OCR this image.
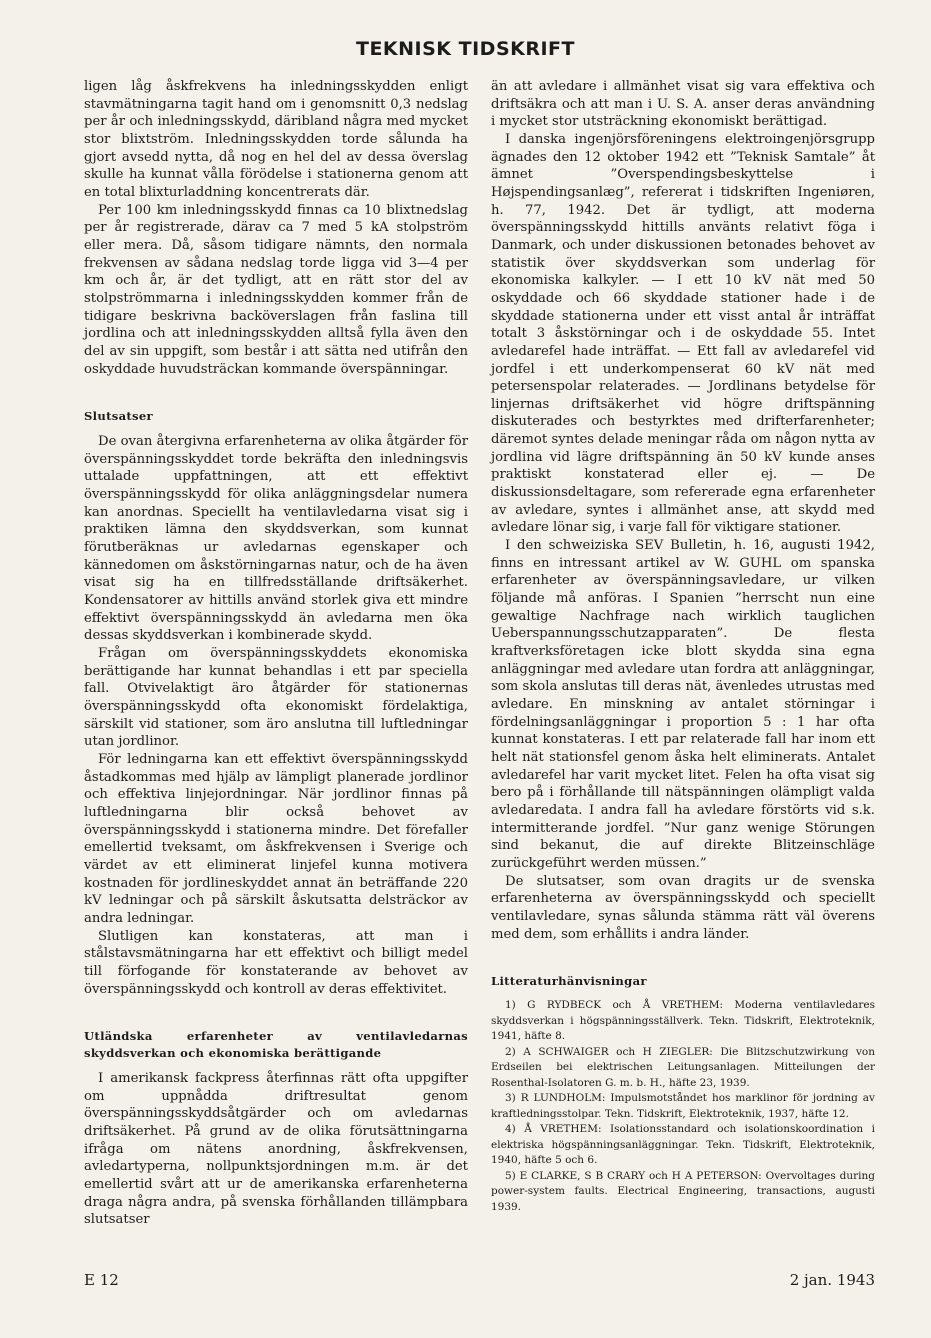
TEKNISK TIDSKRIFT

ligen låg åskfrekvens ha inledningsskydden enligt stavmätningarna tagit hand om i genomsnitt 0,3 nedslag per år och inledningsskydd, däribland några med mycket stor blixtström. Inledningsskydden torde sålunda ha gjort avsedd nytta, då nog en hel del av dessa överslag skulle ha kunnat vålla förödelse i stationerna genom att en total blixturladdning koncentrerats där.

Per 100 km inledningsskydd finnas ca 10 blixtnedslag per år registrerade, därav ca 7 med 5 kA stolpström eller mera. Då, såsom tidigare nämnts, den normala frekvensen av sådana nedslag torde ligga vid 3—4 per km och år, är det tydligt, att en rätt stor del av stolpströmmarna i inledningsskydden kommer från de tidigare beskrivna backöverslagen från faslina till jordlina och att inledningsskydden alltså fylla även den del av sin uppgift, som består i att sätta ned utifrån den oskyddade huvudsträckan kommande överspänningar.

Slutsatser

De ovan återgivna erfarenheterna av olika åtgärder för överspänningsskyddet torde bekräfta den inledningsvis uttalade uppfattningen, att ett effektivt överspänningsskydd för olika anläggningsdelar numera kan anordnas. Speciellt ha ventilavledarna visat sig i praktiken lämna den skyddsverkan, som kunnat förutberäknas ur avledarnas egenskaper och kännedomen om åskstörningarnas natur, och de ha även visat sig ha en tillfredsställande driftsäkerhet. Kondensatorer av hittills använd storlek giva ett mindre effektivt överspänningsskydd än avledarna men öka dessas skyddsverkan i kombinerade skydd.

Frågan om överspänningsskyddets ekonomiska berättigande har kunnat behandlas i ett par speciella fall. Otvivelaktigt äro åtgärder för stationernas överspänningsskydd ofta ekonomiskt fördelaktiga, särskilt vid stationer, som äro anslutna till luftledningar utan jordlinor.

För ledningarna kan ett effektivt överspänningsskydd åstadkommas med hjälp av lämpligt planerade jordlinor och effektiva linjejordningar. När jordlinor finnas på luftledningarna blir också behovet av överspänningsskydd i stationerna mindre. Det förefaller emellertid tveksamt, om åskfrekvensen i Sverige och värdet av ett eliminerat linjefel kunna motivera kostnaden för jordlineskyddet annat än beträffande 220 kV ledningar och på särskilt åskutsatta delsträckor av andra ledningar.

Slutligen kan konstateras, att man i stålstavsmätningarna har ett effektivt och billigt medel till förfogande för konstaterande av behovet av överspänningsskydd och kontroll av deras effektivitet.

Utländska erfarenheter av ventilavledarnas skyddsverkan och ekonomiska berättigande

I amerikansk fackpress återfinnas rätt ofta uppgifter om uppnådda driftresultat genom överspänningsskyddsåtgärder och om avledarnas driftsäkerhet. På grund av de olika förutsättningarna ifråga om nätens anordning, åskfrekvensen, avledartyperna, nollpunktsjordningen m.m. är det emellertid svårt att ur de amerikanska erfarenheterna draga några andra, på svenska förhållanden tillämpbara slutsatser

än att avledare i allmänhet visat sig vara effektiva och driftsäkra och att man i U. S. A. anser deras användning i mycket stor utsträckning ekonomiskt berättigad.

I danska ingenjörsföreningens elektroingenjörsgrupp ägnades den 12 oktober 1942 ett ”Teknisk Samtale” åt ämnet ”Overspendingsbeskyttelse i Højspendingsanlæg”, refererat i tidskriften Ingeniøren, h. 77, 1942. Det är tydligt, att moderna överspänningsskydd hittills använts relativt föga i Danmark, och under diskussionen betonades behovet av statistik över skyddsverkan som underlag för ekonomiska kalkyler. — I ett 10 kV nät med 50 oskyddade och 66 skyddade stationer hade i de skyddade stationerna under ett visst antal år inträffat totalt 3 åskstörningar och i de oskyddade 55. Intet avledarefel hade inträffat. — Ett fall av avledarefel vid jordfel i ett underkompenserat 60 kV nät med petersenspolar relaterades. — Jordlinans betydelse för linjernas driftsäkerhet vid högre driftspänning diskuterades och bestyrktes med drifterfarenheter; däremot syntes delade meningar råda om någon nytta av jordlina vid lägre driftspänning än 50 kV kunde anses praktiskt konstaterad eller ej. — De diskussionsdeltagare, som refererade egna erfarenheter av avledare, syntes i allmänhet anse, att skydd med avledare lönar sig, i varje fall för viktigare stationer.

I den schweiziska SEV Bulletin, h. 16, augusti 1942, finns en intressant artikel av W. GUHL om spanska erfarenheter av överspänningsavledare, ur vilken följande må anföras. I Spanien ”herrscht nun eine gewaltige Nachfrage nach wirklich tauglichen Ueberspannungsschutzapparaten”. De flesta kraftverksföretagen icke blott skydda sina egna anläggningar med avledare utan fordra att anläggningar, som skola anslutas till deras nät, ävenledes utrustas med avledare. En minskning av antalet störningar i fördelningsanläggningar i proportion 5 : 1 har ofta kunnat konstateras. I ett par relaterade fall har inom ett helt nät stationsfel genom åska helt eliminerats. Antalet avledarefel har varit mycket litet. Felen ha ofta visat sig bero på i förhållande till nätspänningen olämpligt valda avledaredata. I andra fall ha avledare förstörts vid s.k. intermitterande jordfel. ”Nur ganz wenige Störungen sind bekanut, die auf direkte Blitzeinschläge zurückgeführt werden müssen.”

De slutsatser, som ovan dragits ur de svenska erfarenheterna av överspänningsskydd och speciellt ventilavledare, synas sålunda stämma rätt väl överens med dem, som erhållits i andra länder.

Litteraturhänvisningar

1) G RYDBECK och Å VRETHEM: Moderna ventilavledares skyddsverkan i högspänningsställverk. Tekn. Tidskrift, Elektroteknik, 1941, häfte 8.

2) A SCHWAIGER och H ZIEGLER: Die Blitzschutzwirkung von Erdseilen bei elektrischen Leitungsanlagen. Mitteilungen der Rosenthal-Isolatoren G. m. b. H., häfte 23, 1939.

3) R LUNDHOLM: Impulsmotståndet hos marklinor för jordning av kraftledningsstolpar. Tekn. Tidskrift, Elektroteknik, 1937, häfte 12.

4) Å VRETHEM: Isolationsstandard och isolationskoordination i elektriska högspänningsanläggningar. Tekn. Tidskrift, Elektroteknik, 1940, häfte 5 och 6.

5) E CLARKE, S B CRARY och H A PETERSON: Overvoltages during power-system faults. Electrical Engineering, transactions, augusti 1939.

E 12	2 jan. 1943
